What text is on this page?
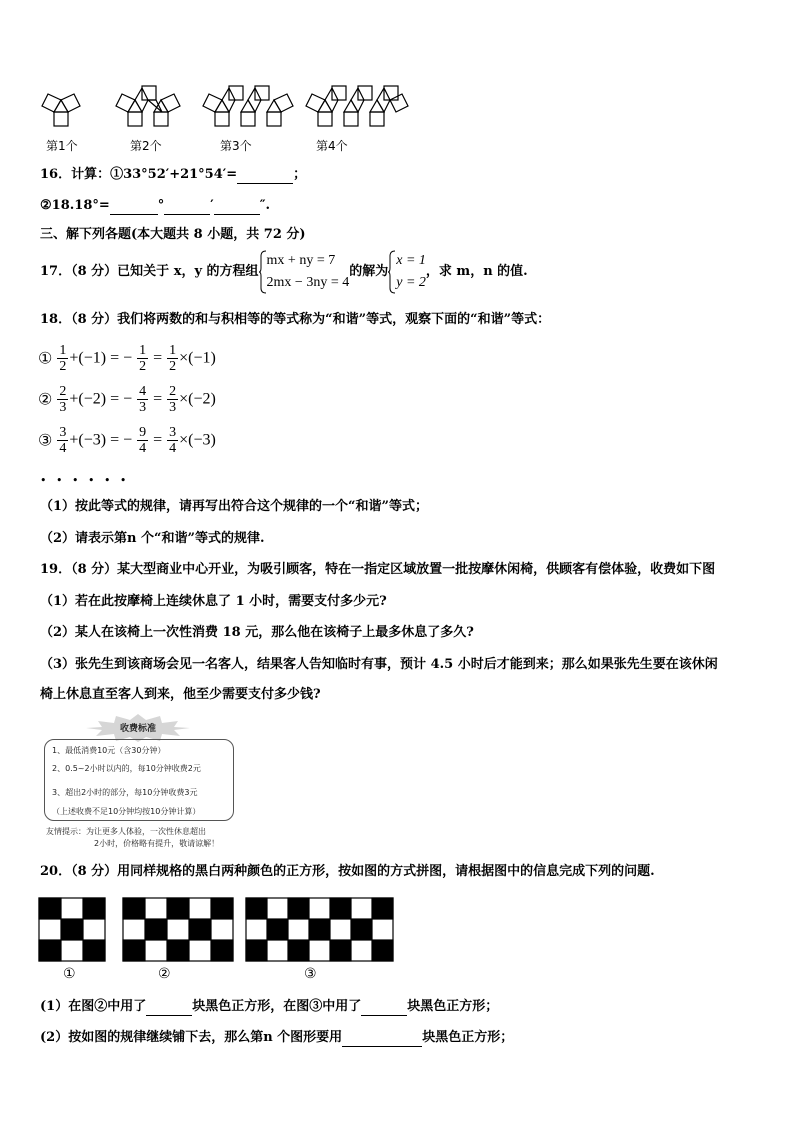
第1个	第2个	第3个	第4个
16．计算：①33°52′+21°54′=	；
②18.18°=	°	′	″.
三、解下列各题(本大题共 8 小题，共 72 分)
17．（8 分）已知关于 x，y 的方程组
mx + ny = 7
2mx − 3ny = 4
的解为
x = 1
y = 2
，求 m，n 的值.
18．（8 分）我们将两数的和与积相等的等式称为“和谐”等式，观察下面的“和谐”等式：
① $\frac{1}{2} +(-1)$ = − $\frac{1}{2} = \frac{1}{2} \times(-1)$
② $\frac{2}{3} +(-2)$ = − $\frac{4}{3} = \frac{2}{3} \times(-2)$
③ $\frac{3}{4} +(-3)$ = − $\frac{9}{4} = \frac{3}{4} \times(-3)$
• • • • • •
（1）按此等式的规律，请再写出符合这个规律的一个“和谐”等式；
（2）请表示第n 个“和谐”等式的规律.
19．（8 分）某大型商业中心开业，为吸引顾客，特在一指定区域放置一批按摩休闲椅，供顾客有偿体验，收费如下图
（1）若在此按摩椅上连续休息了 1 小时，需要支付多少元?
（2）某人在该椅上一次性消费 18 元，那么他在该椅子上最多休息了多久?
（3）张先生到该商场会见一名客人，结果客人告知临时有事，预计 4.5 小时后才能到来；那么如果张先生要在该休闲
椅上休息直至客人到来，他至少需要支付多少钱?
收费标准
1、最低消费10元（含30分钟）
2、0.5~2小时以内的，每10分钟收费2元
3、超出2小时的部分，每10分钟收费3元
（上述收费不足10分钟均按10分钟计算）
友情提示：为让更多人体验，一次性休息超出
2小时，价格略有提升，敬请谅解！
20．（8 分）用同样规格的黑白两种颜色的正方形，按如图的方式拼图，请根据图中的信息完成下列的问题.
①	②	③
(1）在图②中用了	块黑色正方形，在图③中用了	块黑色正方形；
(2）按如图的规律继续铺下去，那么第n 个图形要用	块黑色正方形；
